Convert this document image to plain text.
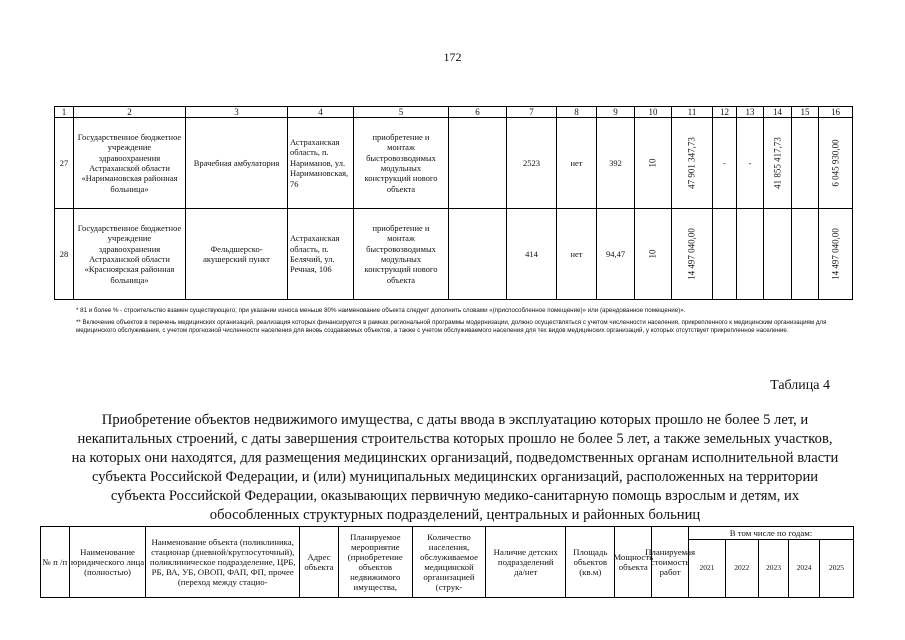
172
1	2	3	4	5	6	7	8	9	10	11	12	13	14	15	16
27	Государственное бюджетное учреждение здравоохранения Астраханской области «Наримановская районная больница»	Врачебная амбулатория	Астраханская область, п. Нариманов, ул. Наримановская, 76	приобретение и монтаж быстровозводимых модульных конструкций нового объекта		2523	нет	392	10	47 901 347,73	-	-	41 855 417,73		6 045 930,00

28	Государственное бюджетное учреждение здравоохранения Астраханской области «Красноярская районная больница»	Фельдшерско-акушерский пункт	Астраханская область, п. Белячий, ул. Речная, 106	приобретение и монтаж быстровозводимых модульных конструкций нового объекта		414	нет	94,47	10	14 497 040,00					14 497 040,00

* 81 и более % - строительство взамен существующего; при указании износа меньше 80% наименование объекта следует дополнить словами «(приспособленное помещение)» или (арендованное помещение)».

** Включение объектов в перечень медицинских организаций, реализация которых финансируется в рамках региональной программы модернизации, должно осуществляться с учетом численности населения, прикрепленного к медицинским организациям для медицинского обслуживания, с учетом прогнозной численности населения для вновь создаваемых объектов, а также с учетом обслуживаемого населения для тех видов медицинских организаций, у которых отсутствует прикрепленное население.

Таблица 4
Приобретение объектов недвижимого имущества, с даты ввода в эксплуатацию которых прошло не более 5 лет, и некапитальных строений, с даты завершения строительства которых прошло не более 5 лет, а также земельных участков, на которых они находятся, для размещения медицинских организаций, подведомственных органам исполнительной власти субъекта Российской Федерации, и (или) муниципальных медицинских организаций, расположенных на территории субъекта Российской Федерации, оказывающих первичную медико-санитарную помощь взрослым и детям, их обособленных структурных подразделений, центральных и районных больниц
№ п /п	Наименование юридического лица (полностью)	Наименование объекта (поликлиника, стационар (дневной/круглосуточный), поликлиническое подразделение, ЦРБ, РБ, ВА, УБ, ОВОП, ФАП, ФП, прочее (переход между стацио-	Адрес объекта	Планируемое мероприятие (приобретение объектов недвижимого имущества,	Количество населения, обслуживаемое медицинской организацией (струк-	Наличие детских подразделений да/нет	Площадь объектов (кв.м)	Мощность объекта	Планируемая стоимость работ	В том числе по годам:				
										2021	2022	2023	2024	2025
